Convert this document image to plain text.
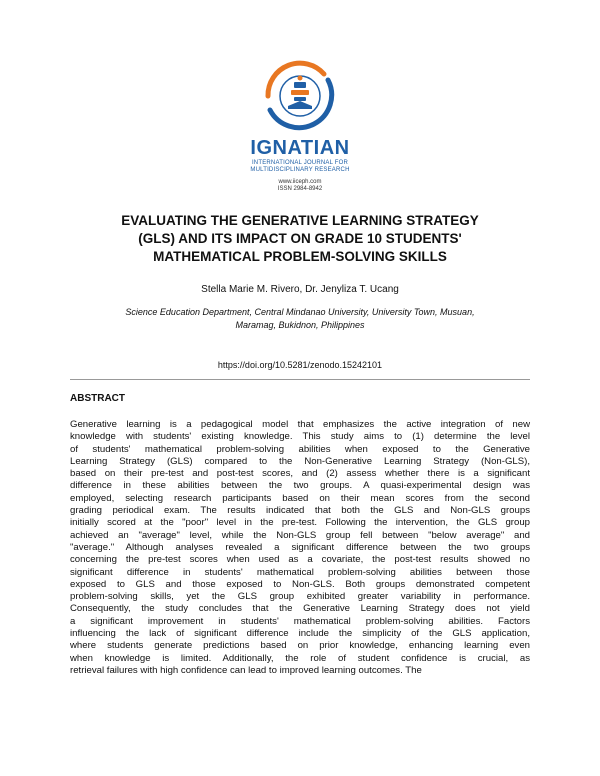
IGNATIAN
INTERNATIONAL JOURNAL FOR
MULTIDISCIPLINARY RESEARCH
www.iiceph.com
ISSN 2984-8942
EVALUATING THE GENERATIVE LEARNING STRATEGY
(GLS) AND ITS IMPACT ON GRADE 10 STUDENTS'
MATHEMATICAL PROBLEM-SOLVING SKILLS
Stella Marie M. Rivero, Dr. Jenyliza T. Ucang
Science Education Department, Central Mindanao University, University Town, Musuan,
Maramag, Bukidnon, Philippines
https://doi.org/10.5281/zenodo.15242101
ABSTRACT
Generative learning is a pedagogical model that emphasizes the active integration of new
knowledge with students' existing knowledge. This study aims to (1) determine the level
of students' mathematical problem-solving abilities when exposed to the Generative
Learning Strategy (GLS) compared to the Non-Generative Learning Strategy (Non-GLS),
based on their pre-test and post-test scores, and (2) assess whether there is a significant
difference in these abilities between the two groups. A quasi-experimental design was
employed, selecting research participants based on their mean scores from the second
grading periodical exam. The results indicated that both the GLS and Non-GLS groups
initially scored at the "poor" level in the pre-test. Following the intervention, the GLS group
achieved an "average" level, while the Non-GLS group fell between "below average" and
"average." Although analyses revealed a significant difference between the two groups
concerning the pre-test scores when used as a covariate, the post-test results showed no
significant difference in students' mathematical problem-solving abilities between those
exposed to GLS and those exposed to Non-GLS. Both groups demonstrated competent
problem-solving skills, yet the GLS group exhibited greater variability in performance.
Consequently, the study concludes that the Generative Learning Strategy does not yield
a significant improvement in students' mathematical problem-solving abilities. Factors
influencing the lack of significant difference include the simplicity of the GLS application,
where students generate predictions based on prior knowledge, enhancing learning even
when knowledge is limited. Additionally, the role of student confidence is crucial, as
retrieval failures with high confidence can lead to improved learning outcomes. The
